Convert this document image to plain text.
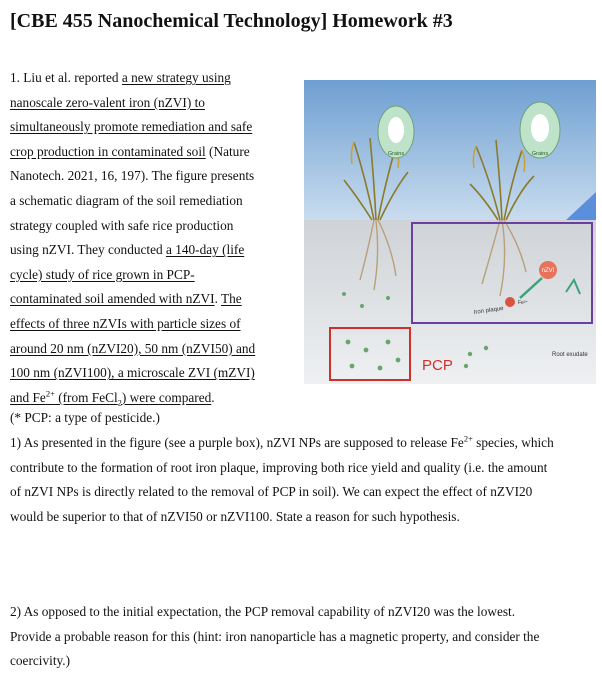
[CBE 455 Nanochemical Technology] Homework #3
1. Liu et al. reported a new strategy using
nanoscale zero-valent iron (nZVI) to
simultaneously promote remediation and safe
crop production in contaminated soil (Nature
Nanotech. 2021, 16, 197). The figure presents
a schematic diagram of the soil remediation
strategy coupled with safe rice production
using nZVI. They conducted a 140-day (life
cycle) study of rice grown in PCP-
contaminated soil amended with nZVI. The
effects of three nZVIs with particle sizes of
around 20 nm (nZVI20), 50 nm (nZVI50) and
100 nm (nZVI100), a microscale ZVI (mZVI)
and $Fe^{2+}$ (from FeCl$_2$) were compared.
Grains	Grains
Iron plaque
nZVI
Fe²⁺
PCP
Root exudate
(* PCP: a type of pesticide.)
1) As presented in the figure (see a purple box), nZVI NPs are supposed to release $Fe^{2+}$ species, which
contribute to the formation of root iron plaque, improving both rice yield and quality (i.e. the amount
of nZVI NPs is directly related to the removal of PCP in soil). We can expect the effect of nZVI20
would be superior to that of nZVI50 or nZVI100. State a reason for such hypothesis.
2) As opposed to the initial expectation, the PCP removal capability of nZVI20 was the lowest.
Provide a probable reason for this (hint: iron nanoparticle has a magnetic property, and consider the
coercivity.)
